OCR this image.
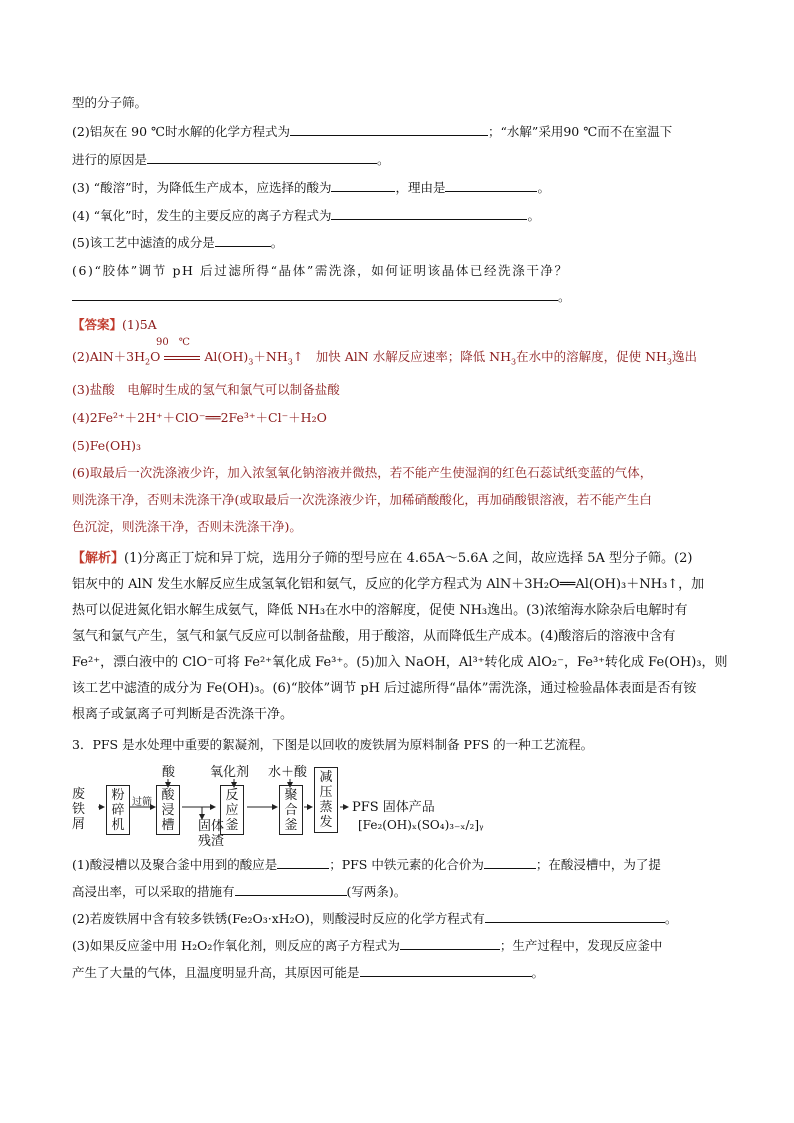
型的分子筛。
(2)铝灰在 90 ℃时水解的化学方程式为	；“水解”采用90 ℃而不在室温下
进行的原因是	。
(3) “酸溶”时，为降低生产成本，应选择的酸为	，理由是	。
(4) “氧化”时，发生的主要反应的离子方程式为	。
(5)该工艺中滤渣的成分是	。
(6)“胶体”调节 pH 后过滤所得“晶体”需洗涤，如何证明该晶体已经洗涤干净？
。
【答案】(1)5A
90　℃
$(2)AlN+3H_2O$	$Al(OH)_3+NH_3↑$　加快 AlN 水解反应速率；降低 $NH_3$在水中的溶解度，促使 $NH_3$逸出
(3)盐酸　电解时生成的氢气和氯气可以制备盐酸
(4)2Fe²⁺＋2H⁺＋ClO⁻══2Fe³⁺＋Cl⁻＋H₂O
(5)Fe(OH)₃
(6)取最后一次洗涤液少许，加入浓氢氧化钠溶液并微热，若不能产生使湿润的红色石蕊试纸变蓝的气体，
则洗涤干净，否则未洗涤干净(或取最后一次洗涤液少许，加稀硝酸酸化，再加硝酸银溶液，若不能产生白
色沉淀，则洗涤干净，否则未洗涤干净)。
【解析】(1)分离正丁烷和异丁烷，选用分子筛的型号应在 4.65A～5.6A 之间，故应选择 5A 型分子筛。(2)
铝灰中的 AlN 发生水解反应生成氢氧化铝和氨气，反应的化学方程式为 AlN＋3H₂O══Al(OH)₃＋NH₃↑，加
热可以促进氮化铝水解生成氨气，降低 NH₃在水中的溶解度，促使 NH₃逸出。(3)浓缩海水除杂后电解时有
氢气和氯气产生，氢气和氯气反应可以制备盐酸，用于酸溶，从而降低生产成本。(4)酸溶后的溶液中含有
Fe²⁺，漂白液中的 ClO⁻可将 Fe²⁺氧化成 Fe³⁺。(5)加入 NaOH，Al³⁺转化成 AlO₂⁻，Fe³⁺转化成 Fe(OH)₃，则
该工艺中滤渣的成分为 Fe(OH)₃。(6)“胶体”调节 pH 后过滤所得“晶体”需洗涤，通过检验晶体表面是否有铵
根离子或氯离子可判断是否洗涤干净。
3．PFS 是水处理中重要的絮凝剂，下图是以回收的废铁屑为原料制备 PFS 的一种工艺流程。
废铁屑
粉碎机
过筛
酸
酸浸槽	固体残渣
氧化剂
反应釜
水＋酸
聚合釜
减压蒸发
PFS 固体产品
[Fe₂(OH)ₓ(SO₄)₃₋ₓ/₂]ᵧ
(1)酸浸槽以及聚合釜中用到的酸应是	；PFS 中铁元素的化合价为	；在酸浸槽中，为了提
高浸出率，可以采取的措施有	(写两条)。
(2)若废铁屑中含有较多铁锈(Fe₂O₃·xH₂O)，则酸浸时反应的化学方程式有	。
(3)如果反应釜中用 H₂O₂作氧化剂，则反应的离子方程式为	；生产过程中，发现反应釜中
产生了大量的气体，且温度明显升高，其原因可能是	。
